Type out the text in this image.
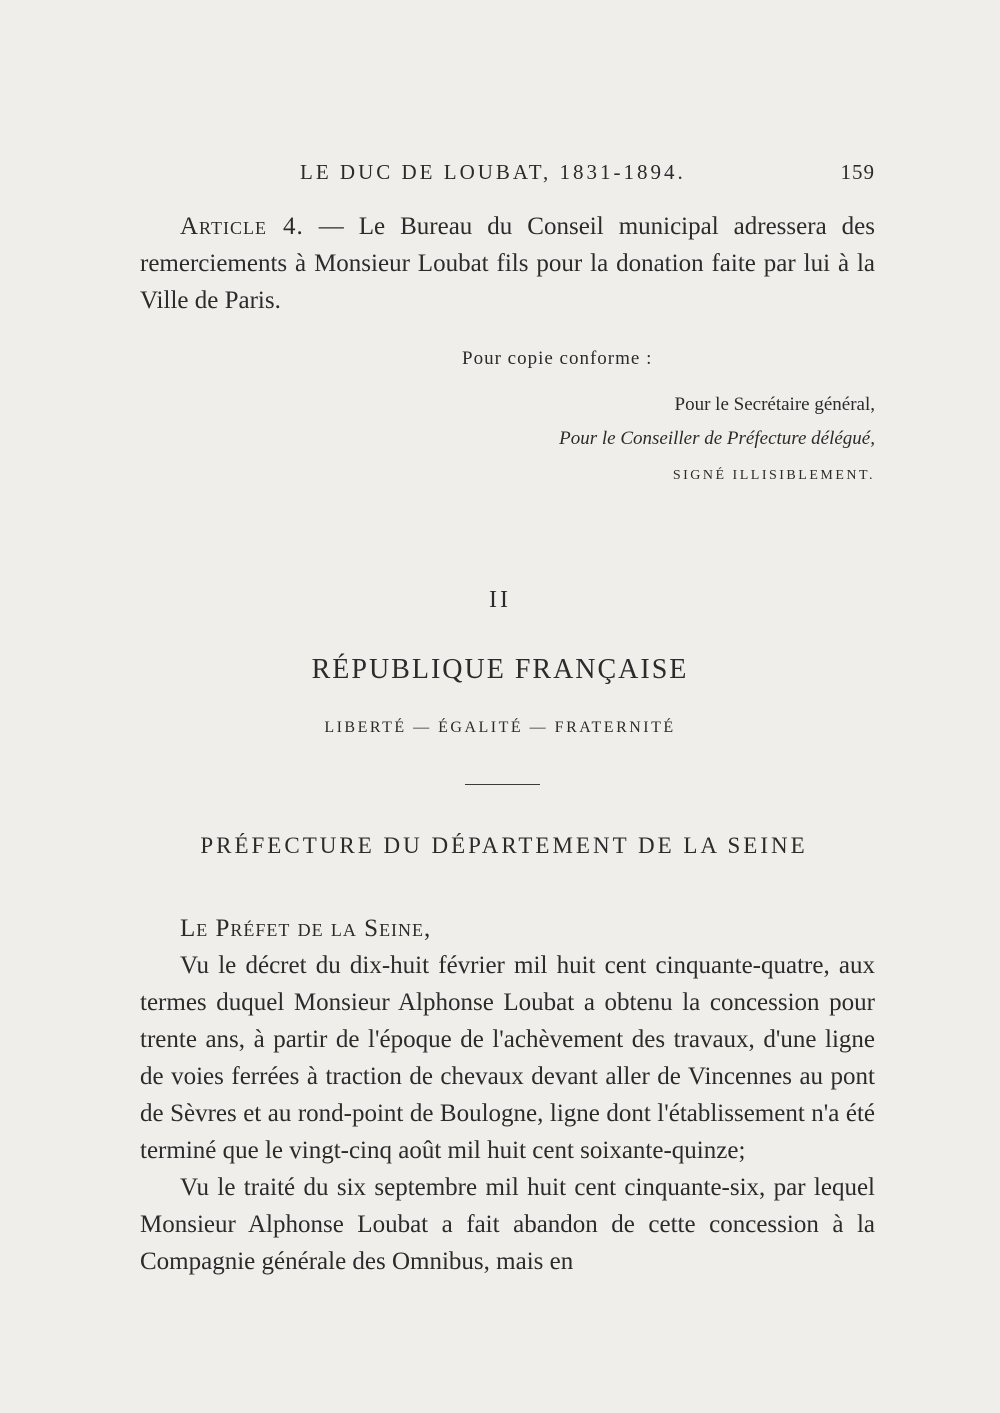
LE DUC DE LOUBAT, 1831-1894.	159
Article 4. — Le Bureau du Conseil municipal adressera des remerciements à Monsieur Loubat fils pour la donation faite par lui à la Ville de Paris.
Pour copie conforme :
Pour le Secrétaire général,
Pour le Conseiller de Préfecture délégué,
SIGNÉ ILLISIBLEMENT.
II
RÉPUBLIQUE FRANÇAISE
LIBERTÉ — ÉGALITÉ — FRATERNITÉ
PRÉFECTURE DU DÉPARTEMENT DE LA SEINE

Le Préfet de la Seine,

Vu le décret du dix-huit février mil huit cent cinquante-quatre, aux termes duquel Monsieur Alphonse Loubat a obtenu la concession pour trente ans, à partir de l'époque de l'achèvement des travaux, d'une ligne de voies ferrées à traction de chevaux devant aller de Vincennes au pont de Sèvres et au rond-point de Boulogne, ligne dont l'établissement n'a été terminé que le vingt-cinq août mil huit cent soixante-quinze;

Vu le traité du six septembre mil huit cent cinquante-six, par lequel Monsieur Alphonse Loubat a fait abandon de cette concession à la Compagnie générale des Omnibus, mais en
